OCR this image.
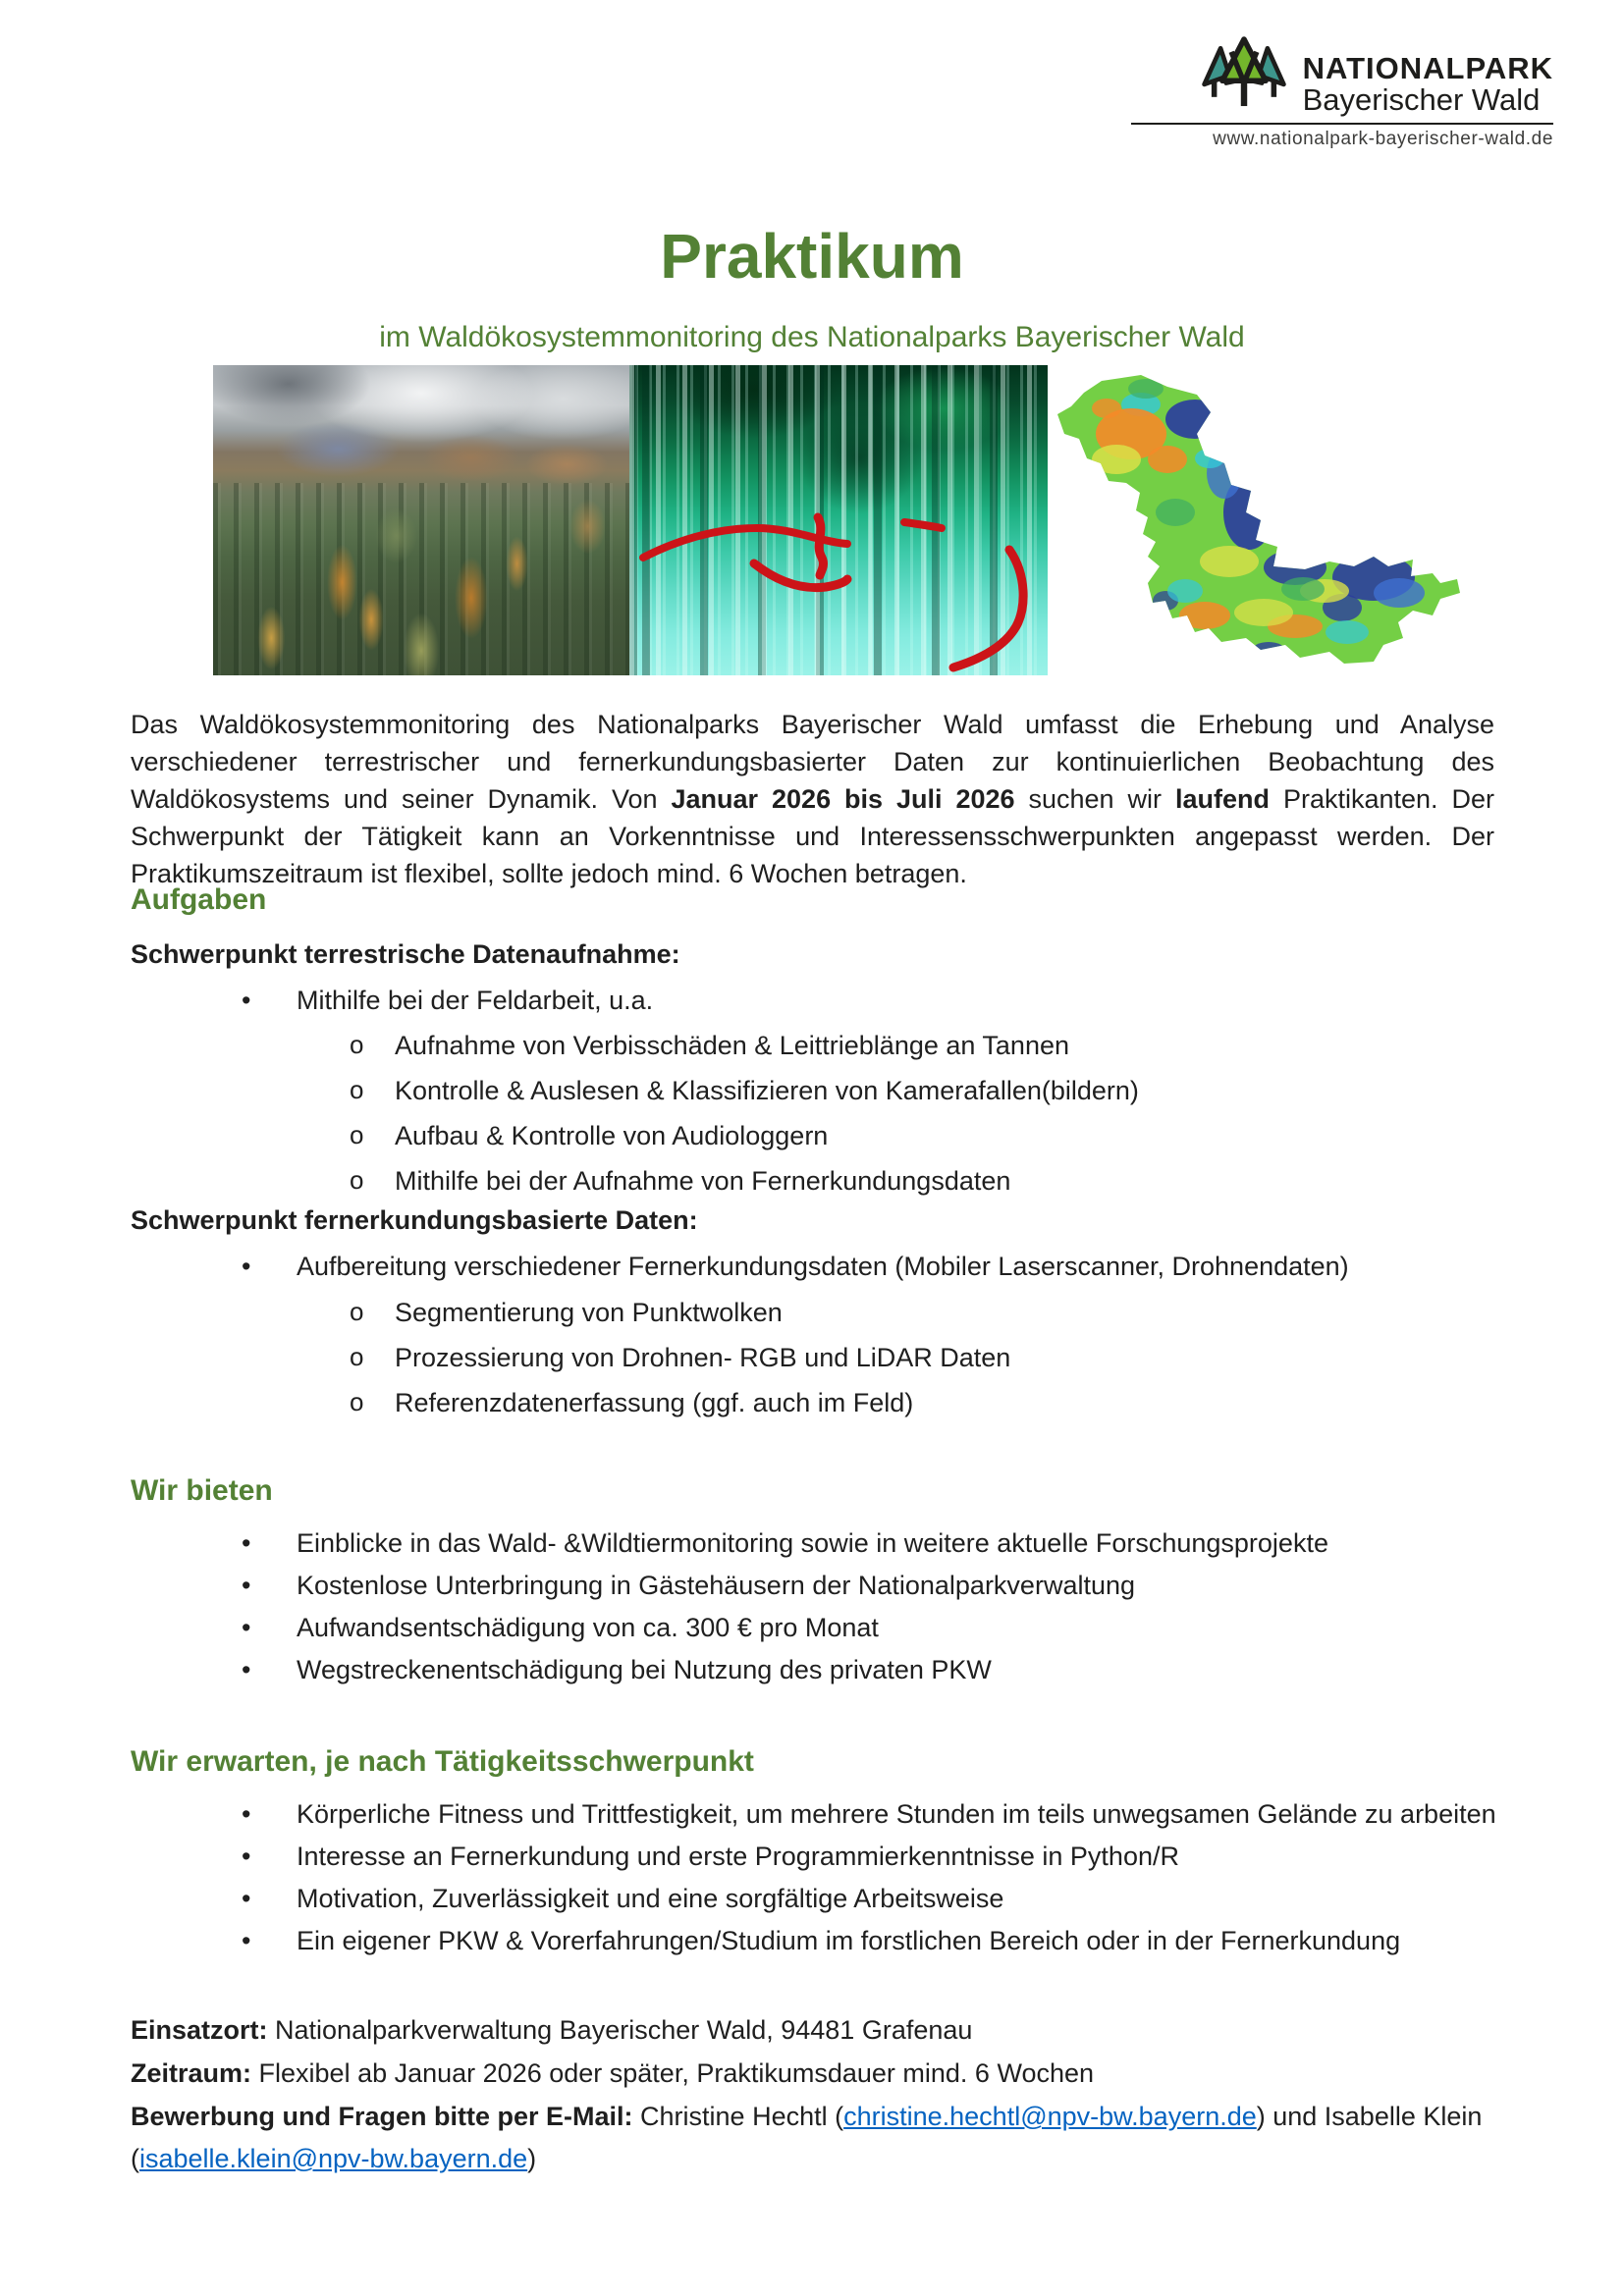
NATIONALPARK
Bayerischer Wald
www.nationalpark-bayerischer-wald.de
Praktikum
im Waldökosystemmonitoring des Nationalparks Bayerischer Wald

Das Waldökosystemmonitoring des Nationalparks Bayerischer Wald umfasst die Erhebung und Analyse verschiedener terrestrischer und fernerkundungsbasierter Daten zur kontinuierlichen Beobachtung des Waldökosystems und seiner Dynamik. Von Januar 2026 bis Juli 2026 suchen wir laufend Praktikanten. Der Schwerpunkt der Tätigkeit kann an Vorkenntnisse und Interessensschwerpunkten angepasst werden. Der Praktikumszeitraum ist flexibel, sollte jedoch mind. 6 Wochen betragen.

Aufgaben
Schwerpunkt terrestrische Datenaufnahme:
• Mithilfe bei der Feldarbeit, u.a.
o Aufnahme von Verbisschäden & Leittrieblänge an Tannen
o Kontrolle & Auslesen & Klassifizieren von Kamerafallen(bildern)
o Aufbau & Kontrolle von Audiologgern
o Mithilfe bei der Aufnahme von Fernerkundungsdaten
Schwerpunkt fernerkundungsbasierte Daten:
• Aufbereitung verschiedener Fernerkundungsdaten (Mobiler Laserscanner, Drohnendaten)
o Segmentierung von Punktwolken
o Prozessierung von Drohnen- RGB und LiDAR Daten
o Referenzdatenerfassung (ggf. auch im Feld)
Wir bieten
• Einblicke in das Wald- &Wildtiermonitoring sowie in weitere aktuelle Forschungsprojekte
• Kostenlose Unterbringung in Gästehäusern der Nationalparkverwaltung
• Aufwandsentschädigung von ca. 300 € pro Monat
• Wegstreckenentschädigung bei Nutzung des privaten PKW
Wir erwarten, je nach Tätigkeitsschwerpunkt
• Körperliche Fitness und Trittfestigkeit, um mehrere Stunden im teils unwegsamen Gelände zu arbeiten
• Interesse an Fernerkundung und erste Programmierkenntnisse in Python/R
• Motivation, Zuverlässigkeit und eine sorgfältige Arbeitsweise
• Ein eigener PKW & Vorerfahrungen/Studium im forstlichen Bereich oder in der Fernerkundung

Einsatzort: Nationalparkverwaltung Bayerischer Wald, 94481 Grafenau

Zeitraum: Flexibel ab Januar 2026 oder später, Praktikumsdauer mind. 6 Wochen

Bewerbung und Fragen bitte per E-Mail: Christine Hechtl (christine.hechtl@npv-bw.bayern.de) und Isabelle Klein (isabelle.klein@npv-bw.bayern.de)
